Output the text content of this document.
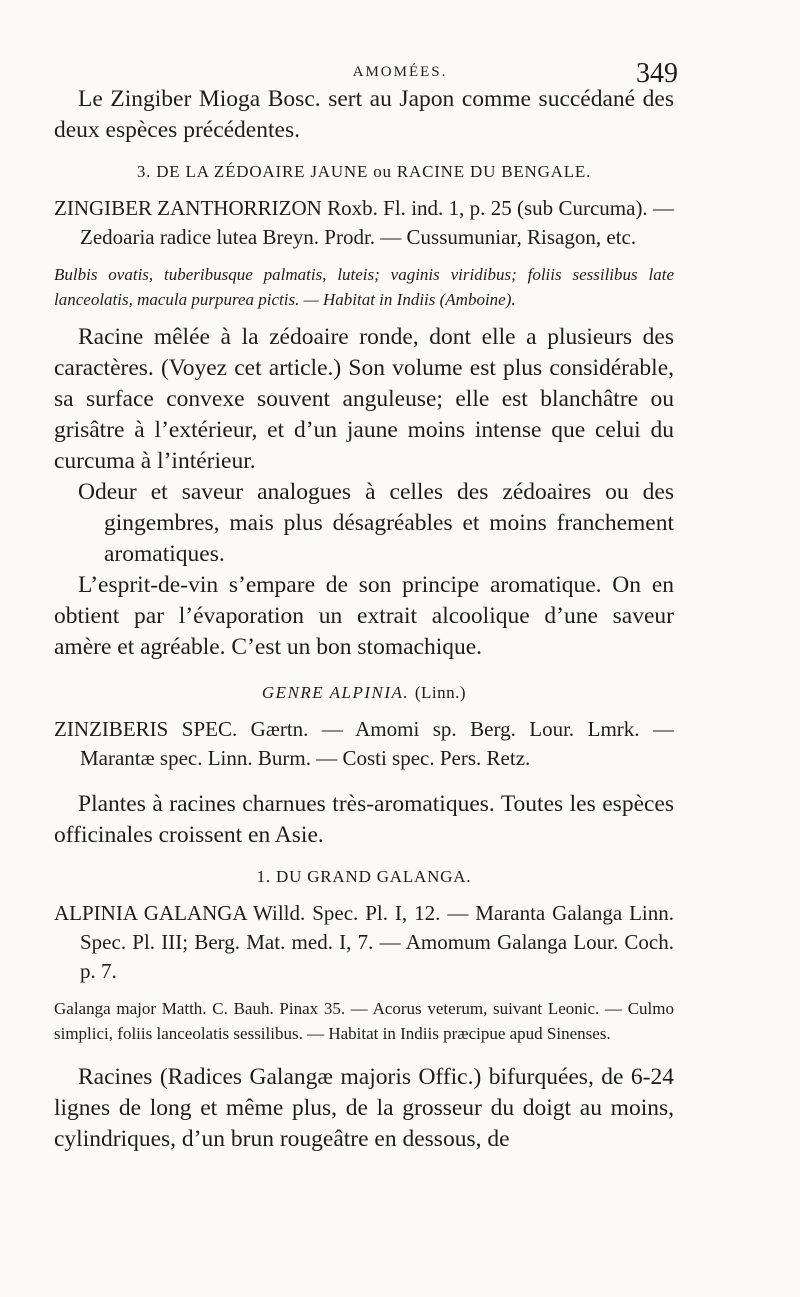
AMOMÉES.	349

Le Zingiber Mioga Bosc. sert au Japon comme succédané des deux espèces précédentes.

3. DE LA ZÉDOAIRE JAUNE ou RACINE DU BENGALE.

ZINGIBER ZANTHORRIZON Roxb. Fl. ind. 1, p. 25 (sub Curcuma). — Zedoaria radice lutea Breyn. Prodr. — Cussumuniar, Risagon, etc.

Bulbis ovatis, tuberibusque palmatis, luteis; vaginis viridibus; foliis sessilibus late lanceolatis, macula purpurea pictis. — Habitat in Indiis (Amboine).

Racine mêlée à la zédoaire ronde, dont elle a plusieurs des caractères. (Voyez cet article.) Son volume est plus considérable, sa surface convexe souvent anguleuse; elle est blanchâtre ou grisâtre à l’extérieur, et d’un jaune moins intense que celui du curcuma à l’intérieur.

Odeur et saveur analogues à celles des zédoaires ou des gingembres, mais plus désagréables et moins franchement aromatiques.

L’esprit-de-vin s’empare de son principe aromatique. On en obtient par l’évaporation un extrait alcoolique d’une saveur amère et agréable. C’est un bon stomachique.

GENRE ALPINIA. (Linn.)

ZINZIBERIS SPEC. Gærtn. — Amomi sp. Berg. Lour. Lmrk. — Marantæ spec. Linn. Burm. — Costi spec. Pers. Retz.

Plantes à racines charnues très-aromatiques. Toutes les espèces officinales croissent en Asie.

1. DU GRAND GALANGA.

ALPINIA GALANGA Willd. Spec. Pl. I, 12. — Maranta Galanga Linn. Spec. Pl. III; Berg. Mat. med. I, 7. — Amomum Galanga Lour. Coch. p. 7.

Galanga major Matth. C. Bauh. Pinax 35. — Acorus veterum, suivant Leonic. — Culmo simplici, foliis lanceolatis sessilibus. — Habitat in Indiis præcipue apud Sinenses.

Racines (Radices Galangæ majoris Offic.) bifurquées, de 6-24 lignes de long et même plus, de la grosseur du doigt au moins, cylindriques, d’un brun rougeâtre en dessous, de
